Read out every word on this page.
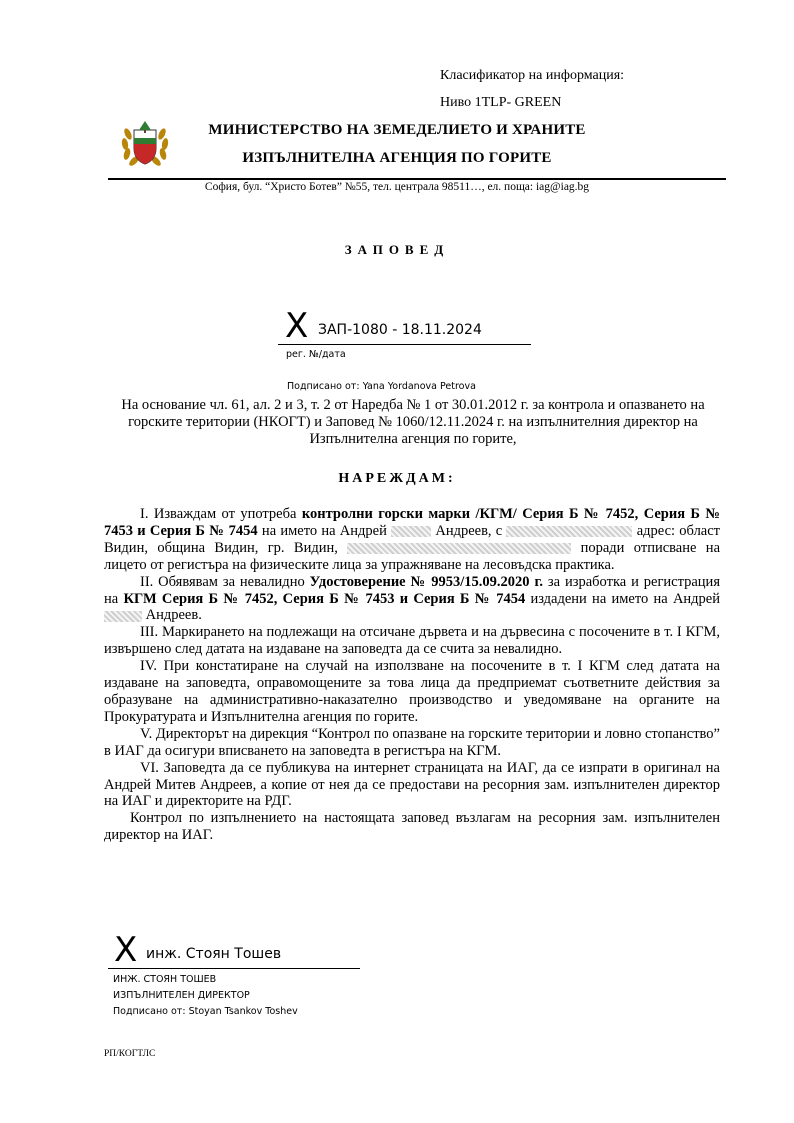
Класификатор на информация:
Ниво 1TLP- GREEN
МИНИСТЕРСТВО НА ЗЕМЕДЕЛИЕТО И ХРАНИТЕ
ИЗПЪЛНИТЕЛНА АГЕНЦИЯ ПО ГОРИТЕ
София, бул. “Христо Ботев” №55, тел. централа 98511…, ел. поща: iag@iag.bg
ЗАПОВЕД
X ЗАП-1080 - 18.11.2024
рег. №/дата
Подписано от: Yana Yordanova Petrova
На основание чл. 61, ал. 2 и 3, т. 2 от Наредба № 1 от 30.01.2012 г. за контрола и опазването на горските територии (НКОГТ) и Заповед № 1060/12.11.2024 г. на изпълнителния директор на Изпълнителна агенция по горите,
НАРЕЖДАМ:

I. Изваждам от употреба контролни горски марки /КГМ/ Серия Б № 7452, Серия Б № 7453 и Серия Б № 7454 на името на Андрей	Андреев, с	адрес: област Видин, община Видин, гр. Видин,	поради отписване на лицето от регистъра на физическите лица за упражняване на лесовъдска практика.

II. Обявявам за невалидно Удостоверение № 9953/15.09.2020 г. за изработка и регистрация на КГМ Серия Б № 7452, Серия Б № 7453 и Серия Б № 7454 издадени на името на Андрей  Андреев.

III. Маркирането на подлежащи на отсичане дървета и на дървесина с посочените в т. I КГМ, извършено след датата на издаване на заповедта да се счита за невалидно.

IV. При констатиране на случай на използване на посочените в т. I КГМ след датата на издаване на заповедта, оправомощените за това лица да предприемат съответните действия за образуване на административно-наказателно производство и уведомяване на органите на Прокуратурата и Изпълнителна агенция по горите.

V. Директорът на дирекция “Контрол по опазване на горските територии и ловно стопанство” в ИАГ да осигури вписването на заповедта в регистъра на КГМ.

VI. Заповедта да се публикува на интернет страницата на ИАГ, да се изпрати в оригинал на Андрей Митев Андреев, а копие от нея да се предостави на ресорния зам. изпълнителен директор на ИАГ и директорите на РДГ.

Контрол по изпълнението на настоящата заповед възлагам на ресорния зам. изпълнителен директор на ИАГ.

X инж. Стоян Тошев
ИНЖ. СТОЯН ТОШЕВ
ИЗПЪЛНИТЕЛЕН ДИРЕКТОР
Подписано от: Stoyan Tsankov Toshev
РП/КОГТЛС
